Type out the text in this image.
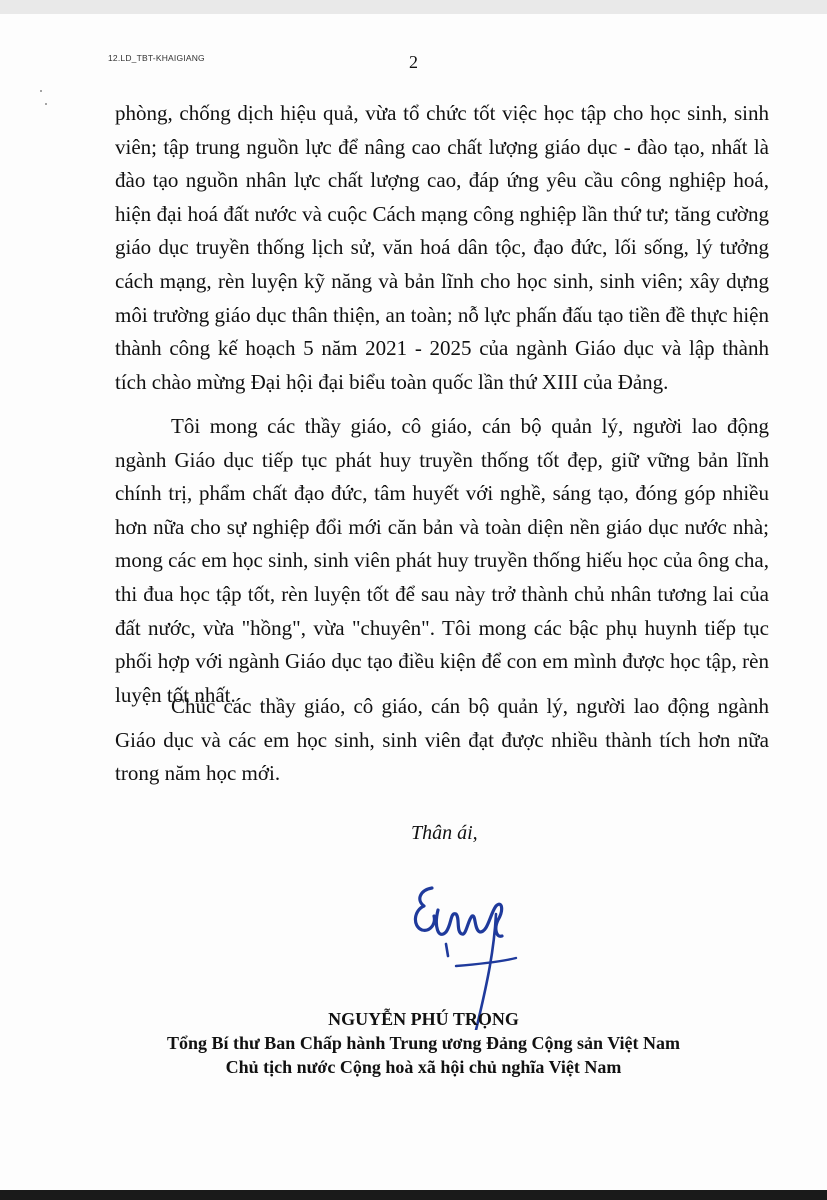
12.LD_TBT-KHAIGIANG	2

phòng, chống dịch hiệu quả, vừa tổ chức tốt việc học tập cho học sinh, sinh viên; tập trung nguồn lực để nâng cao chất lượng giáo dục - đào tạo, nhất là đào tạo nguồn nhân lực chất lượng cao, đáp ứng yêu cầu công nghiệp hoá, hiện đại hoá đất nước và cuộc Cách mạng công nghiệp lần thứ tư; tăng cường giáo dục truyền thống lịch sử, văn hoá dân tộc, đạo đức, lối sống, lý tưởng cách mạng, rèn luyện kỹ năng và bản lĩnh cho học sinh, sinh viên; xây dựng môi trường giáo dục thân thiện, an toàn; nỗ lực phấn đấu tạo tiền đề thực hiện thành công kế hoạch 5 năm 2021 - 2025 của ngành Giáo dục và lập thành tích chào mừng Đại hội đại biểu toàn quốc lần thứ XIII của Đảng.

Tôi mong các thầy giáo, cô giáo, cán bộ quản lý, người lao động ngành Giáo dục tiếp tục phát huy truyền thống tốt đẹp, giữ vững bản lĩnh chính trị, phẩm chất đạo đức, tâm huyết với nghề, sáng tạo, đóng góp nhiều hơn nữa cho sự nghiệp đổi mới căn bản và toàn diện nền giáo dục nước nhà; mong các em học sinh, sinh viên phát huy truyền thống hiếu học của ông cha, thi đua học tập tốt, rèn luyện tốt để sau này trở thành chủ nhân tương lai của đất nước, vừa "hồng", vừa "chuyên". Tôi mong các bậc phụ huynh tiếp tục phối hợp với ngành Giáo dục tạo điều kiện để con em mình được học tập, rèn luyện tốt nhất.

Chúc các thầy giáo, cô giáo, cán bộ quản lý, người lao động ngành Giáo dục và các em học sinh, sinh viên đạt được nhiều thành tích hơn nữa trong năm học mới.

Thân ái,
NGUYỄN PHÚ TRỌNG
Tổng Bí thư Ban Chấp hành Trung ương Đảng Cộng sản Việt Nam
Chủ tịch nước Cộng hoà xã hội chủ nghĩa Việt Nam
